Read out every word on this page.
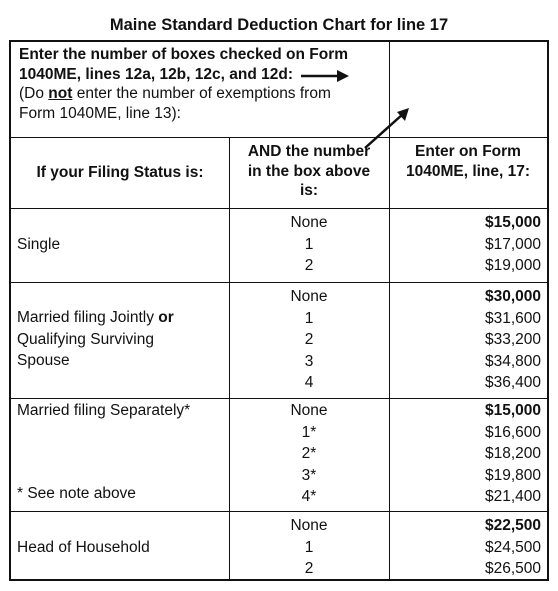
Maine Standard Deduction Chart for line 17
Enter the number of boxes checked on Form
1040ME, lines 12a, 12b, 12c, and 12d:
(Do not enter the number of exemptions from
Form 1040ME, line 13):
If your Filing Status is:
AND the number
in the box above
is:
Enter on Form
1040ME, line, 17:
Single
None
1
2
$15,000
$17,000
$19,000
Married filing Jointly or
Qualifying Surviving
Spouse
None
1
2
3
4
$30,000
$31,600
$33,200
$34,800
$36,400
Married filing Separately*
* See note above
None
1*
2*
3*
4*
$15,000
$16,600
$18,200
$19,800
$21,400
Head of Household
None
1
2
$22,500
$24,500
$26,500
